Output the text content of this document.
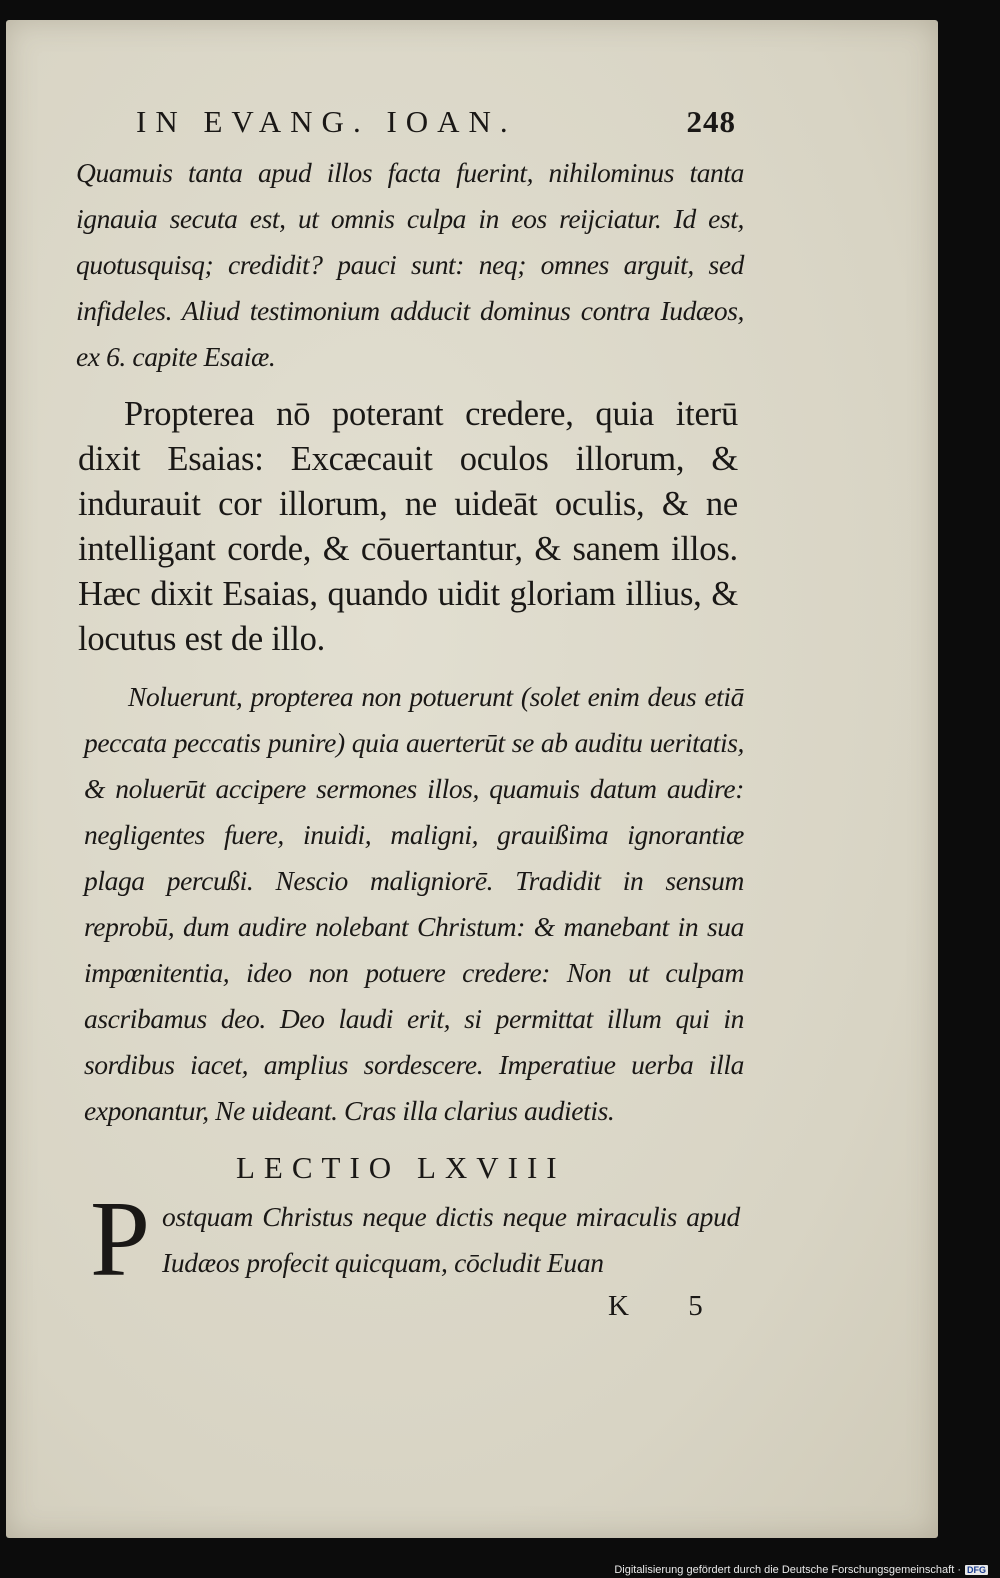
IN EVANG. IOAN.	248

Quamuis tanta apud illos facta fuerint, nihilominus tanta ignauia secuta est, ut omnis culpa in eos reijciatur. Id est, quotusquisq; credidit? pauci sunt: neq; omnes arguit, sed infideles. Aliud testimonium adducit dominus contra Iudæos, ex 6. capite Esaiæ.

Propterea nō poterant credere, quia iterū dixit Esaias: Excæcauit oculos illorum, & indurauit cor illorum, ne uideāt oculis, & ne intelligant corde, & cōuertantur, & sanem illos. Hæc dixit Esaias, quando uidit gloriam illius, & locutus est de illo.

Noluerunt, propterea non potuerunt (solet enim deus etiā peccata peccatis punire) quia auerterūt se ab auditu ueritatis, & noluerūt accipere sermones illos, quamuis datum audire: negligentes fuere, inuidi, maligni, grauißima ignorantiæ plaga percußi. Nescio maligniorē. Tradidit in sensum reprobū, dum audire nolebant Christum: & manebant in sua impœnitentia, ideo non potuere credere: Non ut culpam ascribamus deo. Deo laudi erit, si permittat illum qui in sordibus iacet, amplius sordescere. Imperatiue uerba illa exponantur, Ne uideant. Cras illa clarius audietis.

LECTIO LXVIII
P ostquam Christus neque dictis neque miraculis apud Iudæos profecit quicquam, cōcludit Euan
K 5
Digitalisierung gefördert durch die Deutsche Forschungsgemeinschaft · DFG
